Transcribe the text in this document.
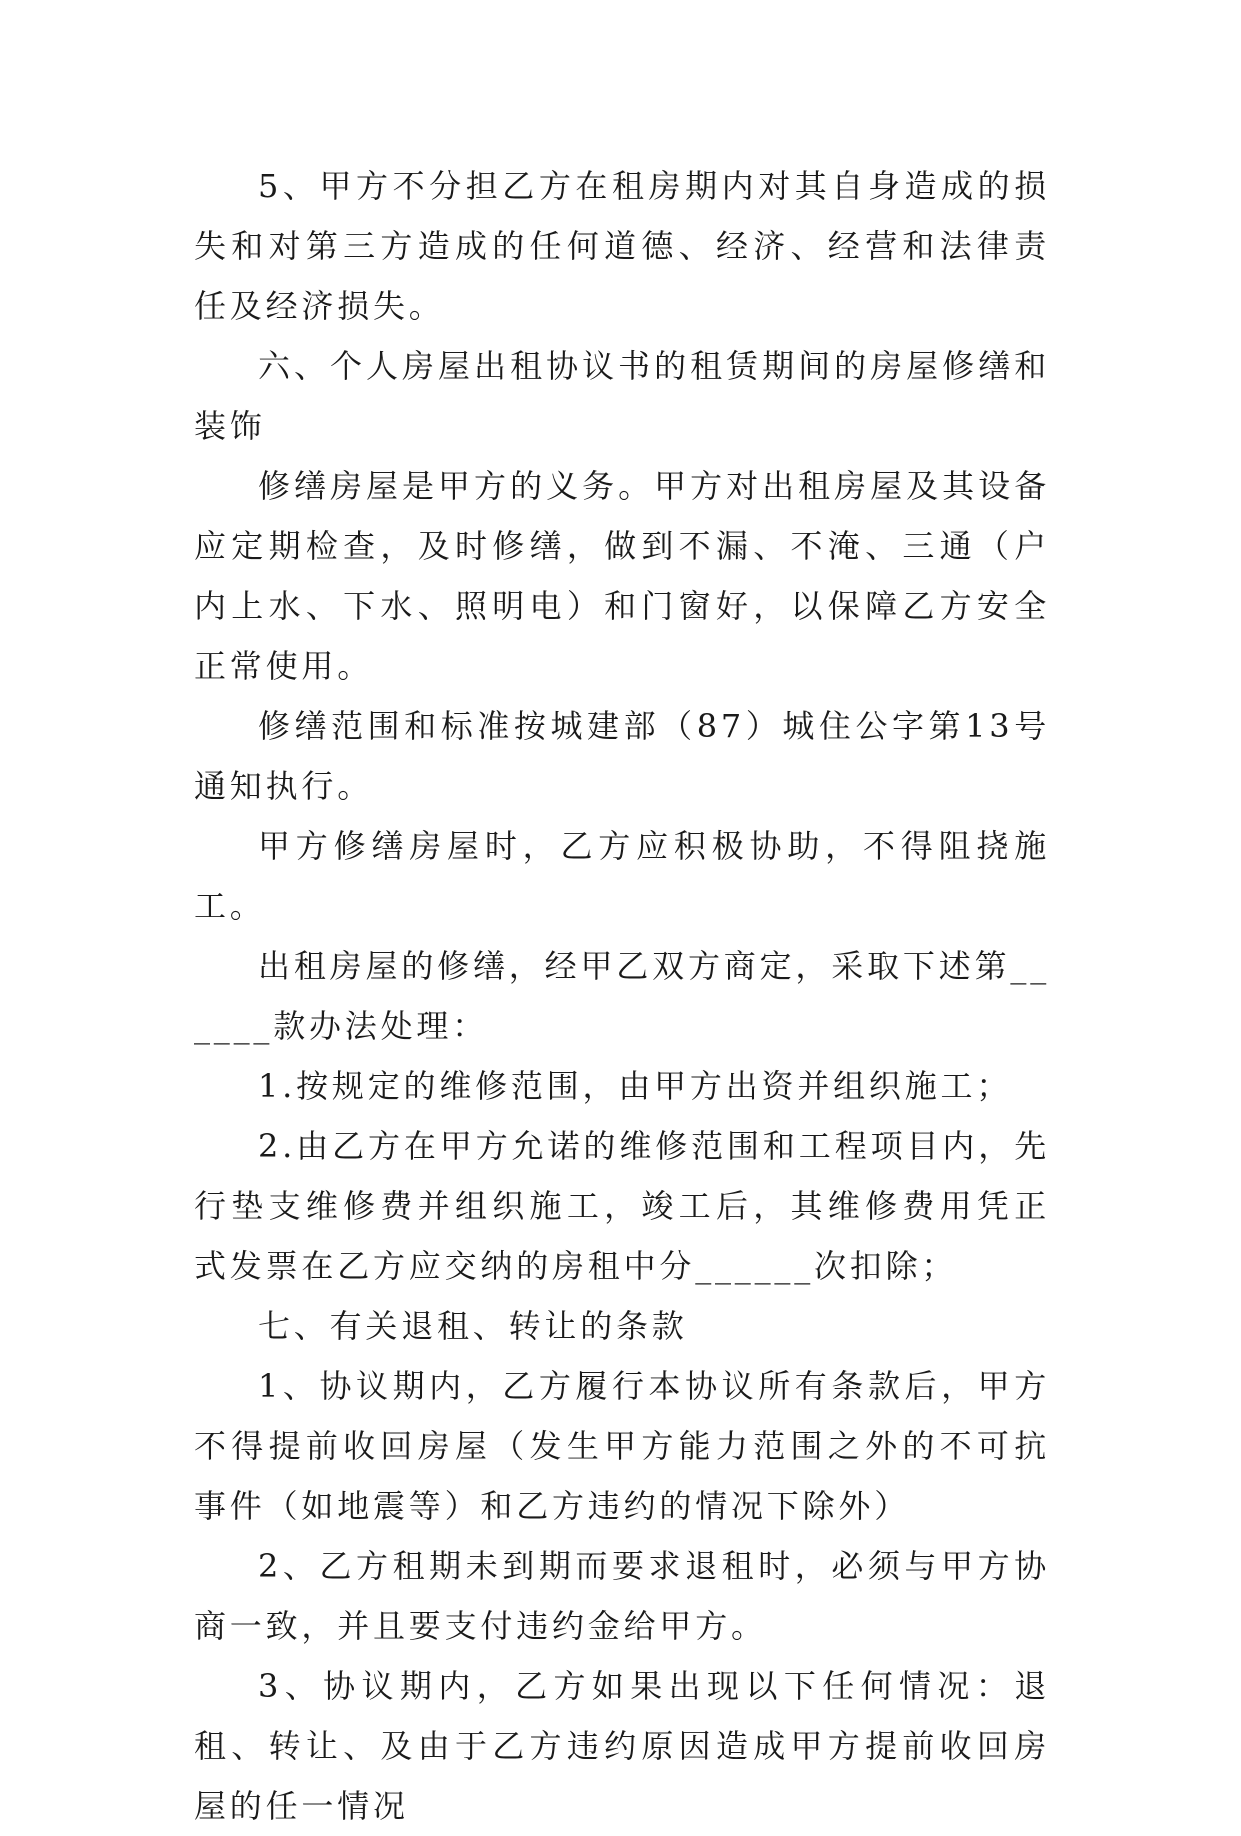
5、甲方不分担乙方在租房期内对其自身造成的损失和对第三方造成的任何道德、经济、经营和法律责任及经济损失。

六、个人房屋出租协议书的租赁期间的房屋修缮和装饰

修缮房屋是甲方的义务。甲方对出租房屋及其设备应定期检查，及时修缮，做到不漏、不淹、三通（户内上水、下水、照明电）和门窗好，以保障乙方安全正常使用。

修缮范围和标准按城建部（87）城住公字第13号通知执行。

甲方修缮房屋时，乙方应积极协助，不得阻挠施工。

出租房屋的修缮，经甲乙双方商定，采取下述第______款办法处理：

1.按规定的维修范围，由甲方出资并组织施工；

2.由乙方在甲方允诺的维修范围和工程项目内，先行垫支维修费并组织施工，竣工后，其维修费用凭正式发票在乙方应交纳的房租中分______次扣除；

七、有关退租、转让的条款

1、协议期内，乙方履行本协议所有条款后，甲方不得提前收回房屋（发生甲方能力范围之外的不可抗事件（如地震等）和乙方违约的情况下除外）

2、乙方租期未到期而要求退租时，必须与甲方协商一致，并且要支付违约金给甲方。

3、协议期内，乙方如果出现以下任何情况：退租、转让、及由于乙方违约原因造成甲方提前收回房屋的任一情况
